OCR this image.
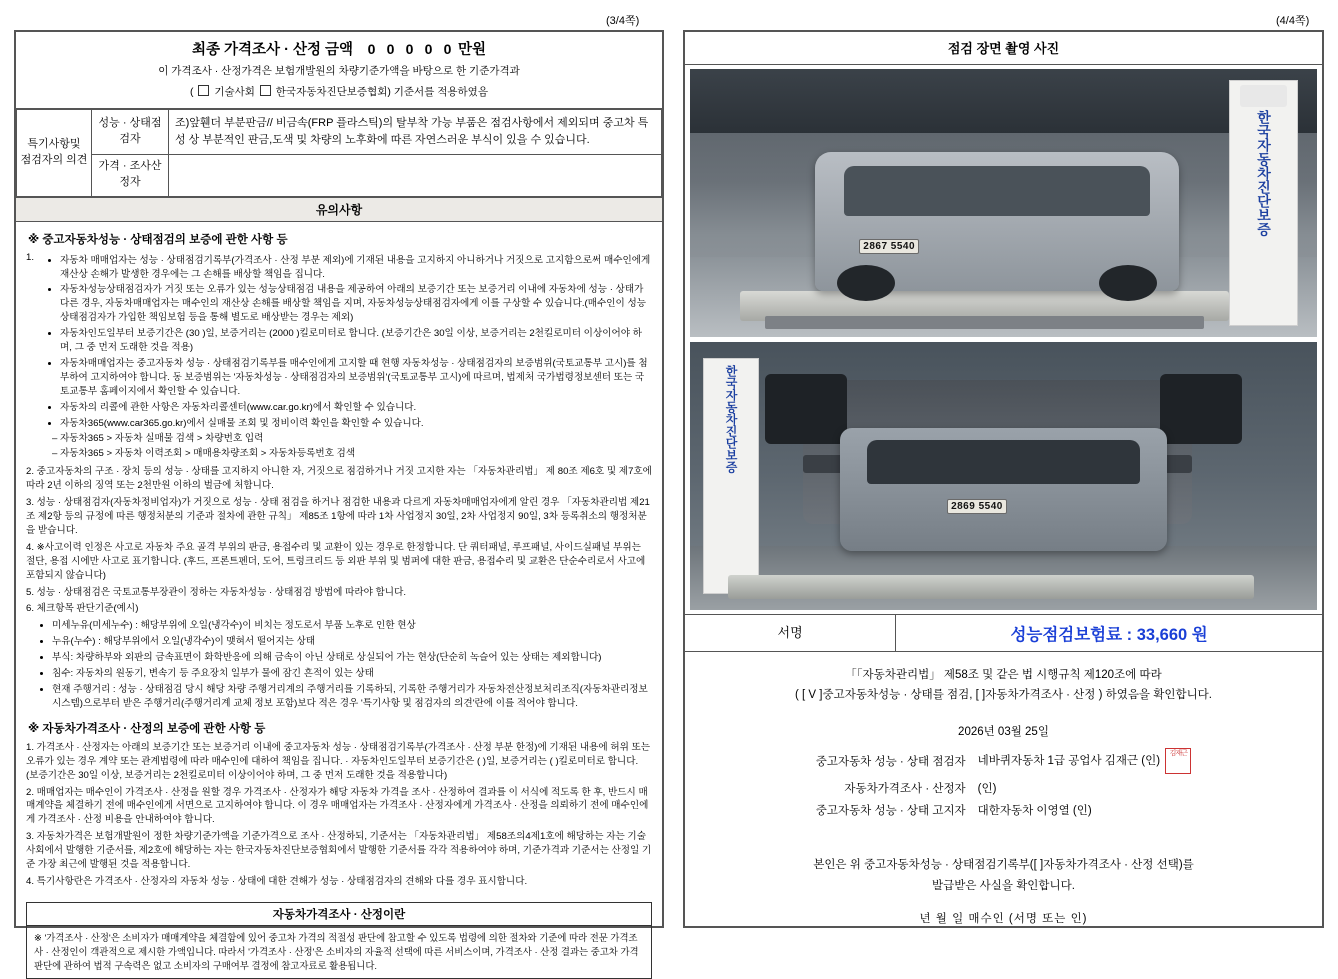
(3/4쪽)	(4/4쪽)
최종 가격조사 · 산정 금액	0 0 0 0 0 만원
이 가격조사 · 산정가격은 보험개발원의 차량기준가액을 바탕으로 한 기준가격과
( 기술사회 한국자동차진단보증협회) 기준서를 적용하였음
특기사항및
점검자의 의견	성능 · 상태점검자	조)앞휀더 부분판금// 비금속(FRP 플라스틱)의 탈부착 가능 부품은 점검사항에서 제외되며 중고차 특성 상 부분적인 판금,도색 및 차량의 노후화에 따른 자연스러운 부식이 있을 수 있습니다.
	가격 · 조사산정자	
유의사항
※ 중고자동차성능 · 상태점검의 보증에 관한 사항 등
1.	• 자동차 매매업자는 성능 · 상태점검기록부(가격조사 · 산정 부분 제외)에 기재된 내용을 고지하지 아니하거나 거짓으로 고지함으로써 매수인에게 재산상 손해가 발생한 경우에는 그 손해를 배상할 책임을 집니다.
• 자동차성능상태점검자가 거짓 또는 오류가 있는 성능상태점검 내용을 제공하여 아래의 보증기간 또는 보증거리 이내에 자동차에 성능 · 상태가 다른 경우, 자동차매매업자는 매수인의 재산상 손해를 배상할 책임을 지며, 자동차성능상태점검자에게 이를 구상할 수 있습니다.(매수인이 성능상태점검자가 가입한 책임보험 등을 통해 별도로 배상받는 경우는 제외)
• 자동차인도일부터 보증기간은 (30 )일, 보증거리는 (2000 )킬로미터로 합니다. (보증기간은 30일 이상, 보증거리는 2천킬로미터 이상이어야 하며, 그 중 먼저 도래한 것을 적용)
• 자동차매매업자는 중고자동차 성능 · 상태점검기록부를 매수인에게 고지할 때 현행 자동차성능 · 상태점검자의 보증범위(국토교통부 고시)를 첨부하여 고지하여야 합니다. 동 보증범위는 '자동차성능 · 상태점검자의 보증범위'(국토교통부 고시)에 따르며, 법제처 국가법령정보센터 또는 국토교통부 홈페이지에서 확인할 수 있습니다.
• 자동차의 리콜에 관한 사항은 자동차리콜센터(www.car.go.kr)에서 확인할 수 있습니다.
• 자동차365(www.car365.go.kr)에서 실매물 조회 및 정비이력 확인을 확인할 수 있습니다.
– 자동차365 > 자동차 실매물 검색 > 차량번호 입력
– 자동차365 > 자동차 이력조회 > 매매용차량조회 > 자동차등록번호 검색
2. 중고자동차의 구조 · 장치 등의 성능 · 상태를 고지하지 아니한 자, 거짓으로 점검하거나 거짓 고지한 자는 「자동차관리법」 제 80조 제6호 및 제7호에 따라 2년 이하의 징역 또는 2천만원 이하의 벌금에 처합니다.
3. 성능 · 상태점검자(자동차정비업자)가 거짓으로 성능 · 상태 점검을 하거나 점검한 내용과 다르게 자동차매매업자에게 알린 경우 「자동차관리법 제21조 제2항 등의 규정에 따른 행정처분의 기준과 절차에 관한 규칙」 제85조 1항에 따라 1차 사업정지 30일, 2차 사업정지 90일, 3차 등록취소의 행정처분을 받습니다.
4. ※사고이력 인정은 사고로 자동차 주요 골격 부위의 판금, 용접수리 및 교환이 있는 경우로 한정합니다. 단 쿼터패널, 루프패널, 사이드실패널 부위는 절단, 용접 시에만 사고로 표기합니다. (후드, 프론트펜더, 도어, 트렁크리드 등 외판 부위 및 범퍼에 대한 판금, 용접수리 및 교환은 단순수리로서 사고에 포함되지 않습니다)
5. 성능 · 상태점검은 국토교통부장관이 정하는 자동차성능 · 상태점검 방법에 따라야 합니다.
6. 체크항목 판단기준(예시)
• 미세누유(미세누수) : 해당부위에 오일(냉각수)이 비치는 정도로서 부품 노후로 인한 현상
• 누유(누수) : 해당부위에서 오일(냉각수)이 맺혀서 떨어지는 상태
• 부식: 차량하부와 외판의 금속표면이 화학반응에 의해 금속이 아닌 상태로 상실되어 가는 현상(단순히 녹슬어 있는 상태는 제외합니다)
• 침수: 자동차의 원동기, 변속기 등 주요장치 일부가 물에 잠긴 흔적이 있는 상태
• 현재 주행거리 : 성능 · 상태점검 당시 해당 차량 주행거리계의 주행거리를 기록하되, 기록한 주행거리가 자동차전산정보처리조직(자동차관리정보시스템)으로부터 받은 주행거리(주행거리계 교체 정보 포함)보다 적은 경우 '특기사항 및 점검자의 의견'란에 이를 적어야 합니다.
※ 자동차가격조사 · 산정의 보증에 관한 사항 등
1. 가격조사 · 산정자는 아래의 보증기간 또는 보증거리 이내에 중고자동차 성능 · 상태점검기록부(가격조사 · 산정 부분 한정)에 기재된 내용에 허위 또는 오류가 있는 경우 계약 또는 관계법령에 따라 매수인에 대하여 책임을 집니다. · 자동차인도일부터 보증기간은 ( )일, 보증거리는 ( )킬로미터로 합니다. (보증기간은 30일 이상, 보증거리는 2천킬로미터 이상이어야 하며, 그 중 먼저 도래한 것을 적용합니다)
2. 매매업자는 매수인이 가격조사 · 산정을 원할 경우 가격조사 · 산정자가 해당 자동차 가격을 조사 · 산정하여 결과를 이 서식에 적도록 한 후, 반드시 매매계약을 체결하기 전에 매수인에게 서면으로 고지하여야 합니다. 이 경우 매매업자는 가격조사 · 산정자에게 가격조사 · 산정을 의뢰하기 전에 매수인에게 가격조사 · 산정 비용을 안내하여야 합니다.
3. 자동차가격은 보험개발원이 정한 차량기준가액을 기준가격으로 조사 · 산정하되, 기준서는 「자동차관리법」 제58조의4제1호에 해당하는 자는 기술사회에서 발행한 기준서를, 제2호에 해당하는 자는 한국자동차진단보증협회에서 발행한 기준서를 각각 적용하여야 하며, 기준가격과 기준서는 산정일 기준 가장 최근에 발행된 것을 적용합니다.
4. 특기사항란은 가격조사 · 산정자의 자동차 성능 · 상태에 대한 견해가 성능 · 상태점검자의 견해와 다를 경우 표시합니다.
자동차가격조사 · 산정이란
※ '가격조사 · 산정'은 소비자가 매매계약을 체결함에 있어 중고차 가격의 적절성 판단에 참고할 수 있도록 법령에 의한 절차와 기준에 따라 전문 가격조사 · 산정인이 객관적으로 제시한 가액입니다. 따라서 '가격조사 · 산정'은 소비자의 자율적 선택에 따른 서비스이며, 가격조사 · 산정 결과는 중고차 가격판단에 관하여 법적 구속력은 없고 소비자의 구매여부 결정에 참고자료로 활용됩니다.
점검 장면 촬영 사진
한국자동차진단보증
2867 5540
한국자동차진단보증
2869 5540
서명	성능점검보험료 : 33,660 원
「「자동차관리법」 제58조 및 같은 법 시행규칙 제120조에 따라
( [ V ]중고자동차성능 · 상태를 점검, [ ]자동차가격조사 · 산정 ) 하였음을 확인합니다.
2026년 03월 25일
중고자동차 성능 · 상태 점검자	네바퀴자동차 1급 공업사 김재근 (인) 김재근
자동차가격조사 · 산정자	(인)
중고자동차 성능 · 상태 고지자	대한자동차 이영열 (인)
본인은 위 중고자동차성능 · 상태점검기록부([ ]자동차가격조사 · 산정 선택)를
발급받은 사실을 확인합니다.
년 월 일 매수인 (서명 또는 인)
